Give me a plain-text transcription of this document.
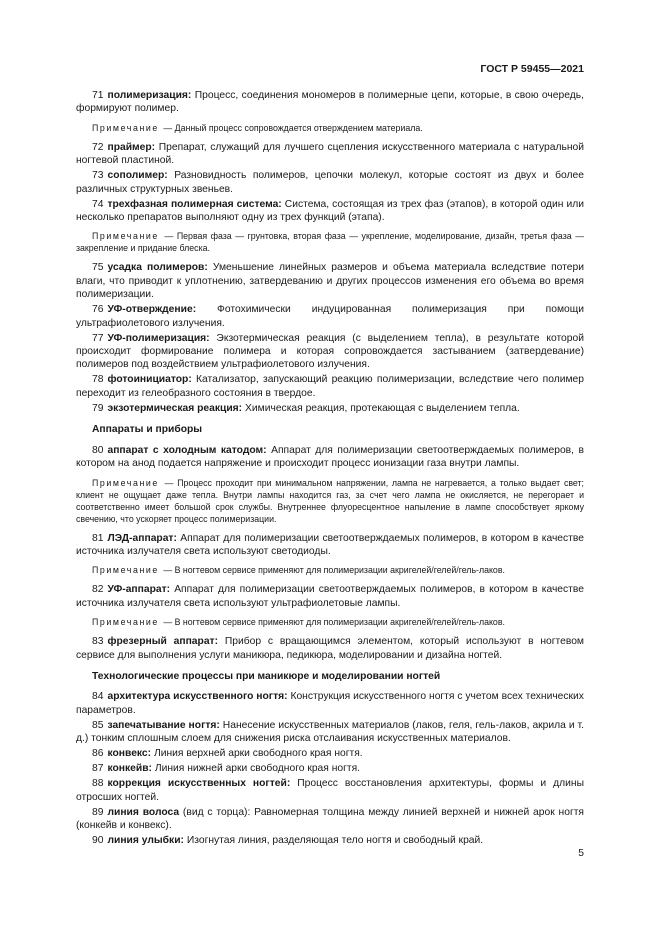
ГОСТ Р 59455—2021

71 полимеризация: Процесс, соединения мономеров в полимерные цепи, которые, в свою очередь, формируют полимер.

Примечание — Данный процесс сопровождается отверждением материала.

72 праймер: Препарат, служащий для лучшего сцепления искусственного материала с натуральной ногтевой пластиной.

73 сополимер: Разновидность полимеров, цепочки молекул, которые состоят из двух и более различных структурных звеньев.

74 трехфазная полимерная система: Система, состоящая из трех фаз (этапов), в которой один или несколько препаратов выполняют одну из трех функций (этапа).

Примечание — Первая фаза — грунтовка, вторая фаза — укрепление, моделирование, дизайн, третья фаза — закрепление и придание блеска.

75 усадка полимеров: Уменьшение линейных размеров и объема материала вследствие потери влаги, что приводит к уплотнению, затвердеванию и других процессов изменения его объема во время полимеризации.

76 УФ-отверждение: Фотохимически индуцированная полимеризация при помощи ультрафиолетового излучения.

77 УФ-полимеризация: Экзотермическая реакция (с выделением тепла), в результате которой происходит формирование полимера и которая сопровождается застыванием (затвердевание) полимеров под воздействием ультрафиолетового излучения.

78 фотоинициатор: Катализатор, запускающий реакцию полимеризации, вследствие чего полимер переходит из гелеобразного состояния в твердое.

79 экзотермическая реакция: Химическая реакция, протекающая с выделением тепла.

Аппараты и приборы

80 аппарат с холодным катодом: Аппарат для полимеризации светоотверждаемых полимеров, в котором на анод подается напряжение и происходит процесс ионизации газа внутри лампы.

Примечание — Процесс проходит при минимальном напряжении, лампа не нагревается, а только выдает свет; клиент не ощущает даже тепла. Внутри лампы находится газ, за счет чего лампа не окисляется, не перегорает и соответственно имеет большой срок службы. Внутреннее флуоресцентное напыление в лампе способствует яркому свечению, что ускоряет процесс полимеризации.

81 ЛЭД-аппарат: Аппарат для полимеризации светоотверждаемых полимеров, в котором в качестве источника излучателя света используют светодиоды.

Примечание — В ногтевом сервисе применяют для полимеризации акригелей/гелей/гель-лаков.

82 УФ-аппарат: Аппарат для полимеризации светоотверждаемых полимеров, в котором в качестве источника излучателя света используют ультрафиолетовые лампы.

Примечание — В ногтевом сервисе применяют для полимеризации акригелей/гелей/гель-лаков.

83 фрезерный аппарат: Прибор с вращающимся элементом, который используют в ногтевом сервисе для выполнения услуги маникюра, педикюра, моделировании и дизайна ногтей.

Технологические процессы при маникюре и моделировании ногтей

84 архитектура искусственного ногтя: Конструкция искусственного ногтя с учетом всех технических параметров.

85 запечатывание ногтя: Нанесение искусственных материалов (лаков, геля, гель-лаков, акрила и т. д.) тонким сплошным слоем для снижения риска отслаивания искусственных материалов.

86 конвекс: Линия верхней арки свободного края ногтя.

87 конкейв: Линия нижней арки свободного края ногтя.

88 коррекция искусственных ногтей: Процесс восстановления архитектуры, формы и длины отросших ногтей.

89 линия волоса (вид с торца): Равномерная толщина между линией верхней и нижней арок ногтя (конкейв и конвекс).

90 линия улыбки: Изогнутая линия, разделяющая тело ногтя и свободный край.

5
